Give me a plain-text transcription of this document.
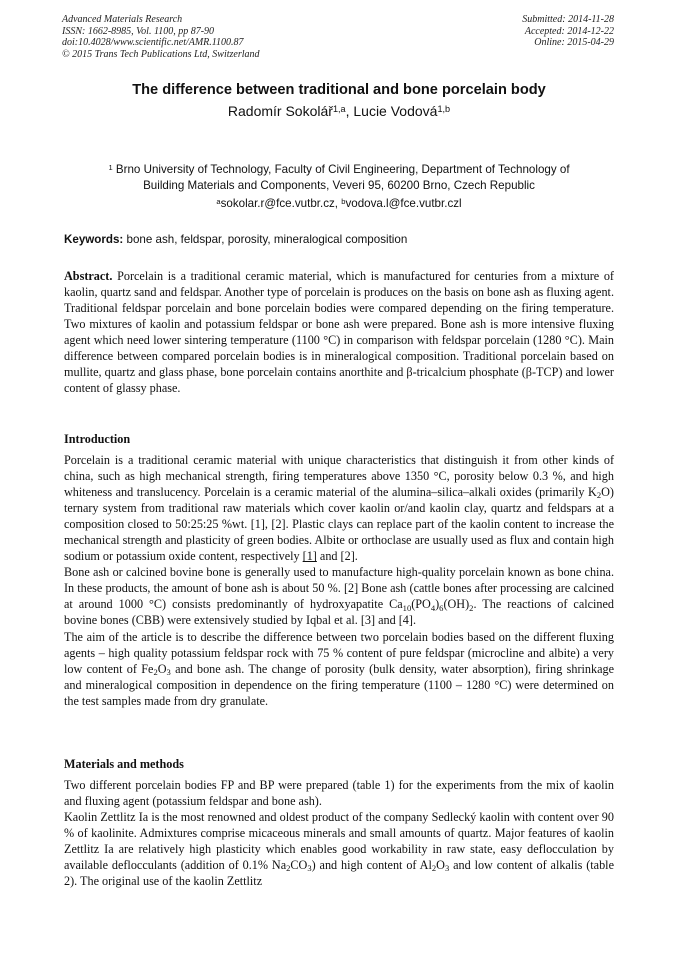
Advanced Materials Research
ISSN: 1662-8985, Vol. 1100, pp 87-90
doi:10.4028/www.scientific.net/AMR.1100.87
© 2015 Trans Tech Publications Ltd, Switzerland
Submitted: 2014-11-28
Accepted: 2014-12-22
Online: 2015-04-29
The difference between traditional and bone porcelain body
Radomír Sokolář$^{1,a}$, Lucie Vodová$^{1,b}$
$^1$ Brno University of Technology, Faculty of Civil Engineering, Department of Technology of
Building Materials and Components, Veveri 95, 60200 Brno, Czech Republic
$^a$sokolar.r@fce.vutbr.cz, $^b$vodova.l@fce.vutbr.czl
Keywords: bone ash, feldspar, porosity, mineralogical composition
Abstract. Porcelain is a traditional ceramic material, which is manufactured for centuries from a mixture of kaolin, quartz sand and feldspar. Another type of porcelain is produces on the basis on bone ash as fluxing agent. Traditional feldspar porcelain and bone porcelain bodies were compared depending on the firing temperature. Two mixtures of kaolin and potassium feldspar or bone ash were prepared. Bone ash is more intensive fluxing agent which need lower sintering temperature (1100 °C) in comparison with feldspar porcelain (1280 °C). Main difference between compared porcelain bodies is in mineralogical composition. Traditional porcelain based on mullite, quartz and glass phase, bone porcelain contains anorthite and β-tricalcium phosphate (β-TCP) and lower content of glassy phase.
Introduction

Porcelain is a traditional ceramic material with unique characteristics that distinguish it from other kinds of china, such as high mechanical strength, firing temperatures above 1350 °C, porosity below 0.3 %, and high whiteness and translucency. Porcelain is a ceramic material of the alumina–silica–alkali oxides (primarily $K_2O$) ternary system from traditional raw materials which cover kaolin or/and kaolin clay, quartz and feldspars at a composition closed to 50:25:25 %wt. [1], [2]. Plastic clays can replace part of the kaolin content to increase the mechanical strength and plasticity of green bodies. Albite or orthoclase are usually used as flux and contain high sodium or potassium oxide content, respectively [1] and [2].

Bone ash or calcined bovine bone is generally used to manufacture high-quality porcelain known as bone china. In these products, the amount of bone ash is about 50 %. [2] Bone ash (cattle bones after processing are calcined at around 1000 °C) consists predominantly of hydroxyapatite $Ca_{10}(PO_4)_6(OH)_2$. The reactions of calcined bovine bones (CBB) were extensively studied by Iqbal et al. [3] and [4].

The aim of the article is to describe the difference between two porcelain bodies based on the different fluxing agents – high quality potassium feldspar rock with 75 % content of pure feldspar (microcline and albite) a very low content of $Fe_2O_3$ and bone ash. The change of porosity (bulk density, water absorption), firing shrinkage and mineralogical composition in dependence on the firing temperature (1100 – 1280 °C) were determined on the test samples made from dry granulate.

Materials and methods

Two different porcelain bodies FP and BP were prepared (table 1) for the experiments from the mix of kaolin and fluxing agent (potassium feldspar and bone ash).

Kaolin Zettlitz Ia is the most renowned and oldest product of the company Sedlecký kaolin with content over 90 % of kaolinite. Admixtures comprise micaceous minerals and small amounts of quartz. Major features of kaolin Zettlitz Ia are relatively high plasticity which enables good workability in raw state, easy deflocculation by available deflocculants (addition of 0.1% $Na_2CO_3$) and high content of $Al_2O_3$ and low content of alkalis (table 2). The original use of the kaolin Zettlitz
